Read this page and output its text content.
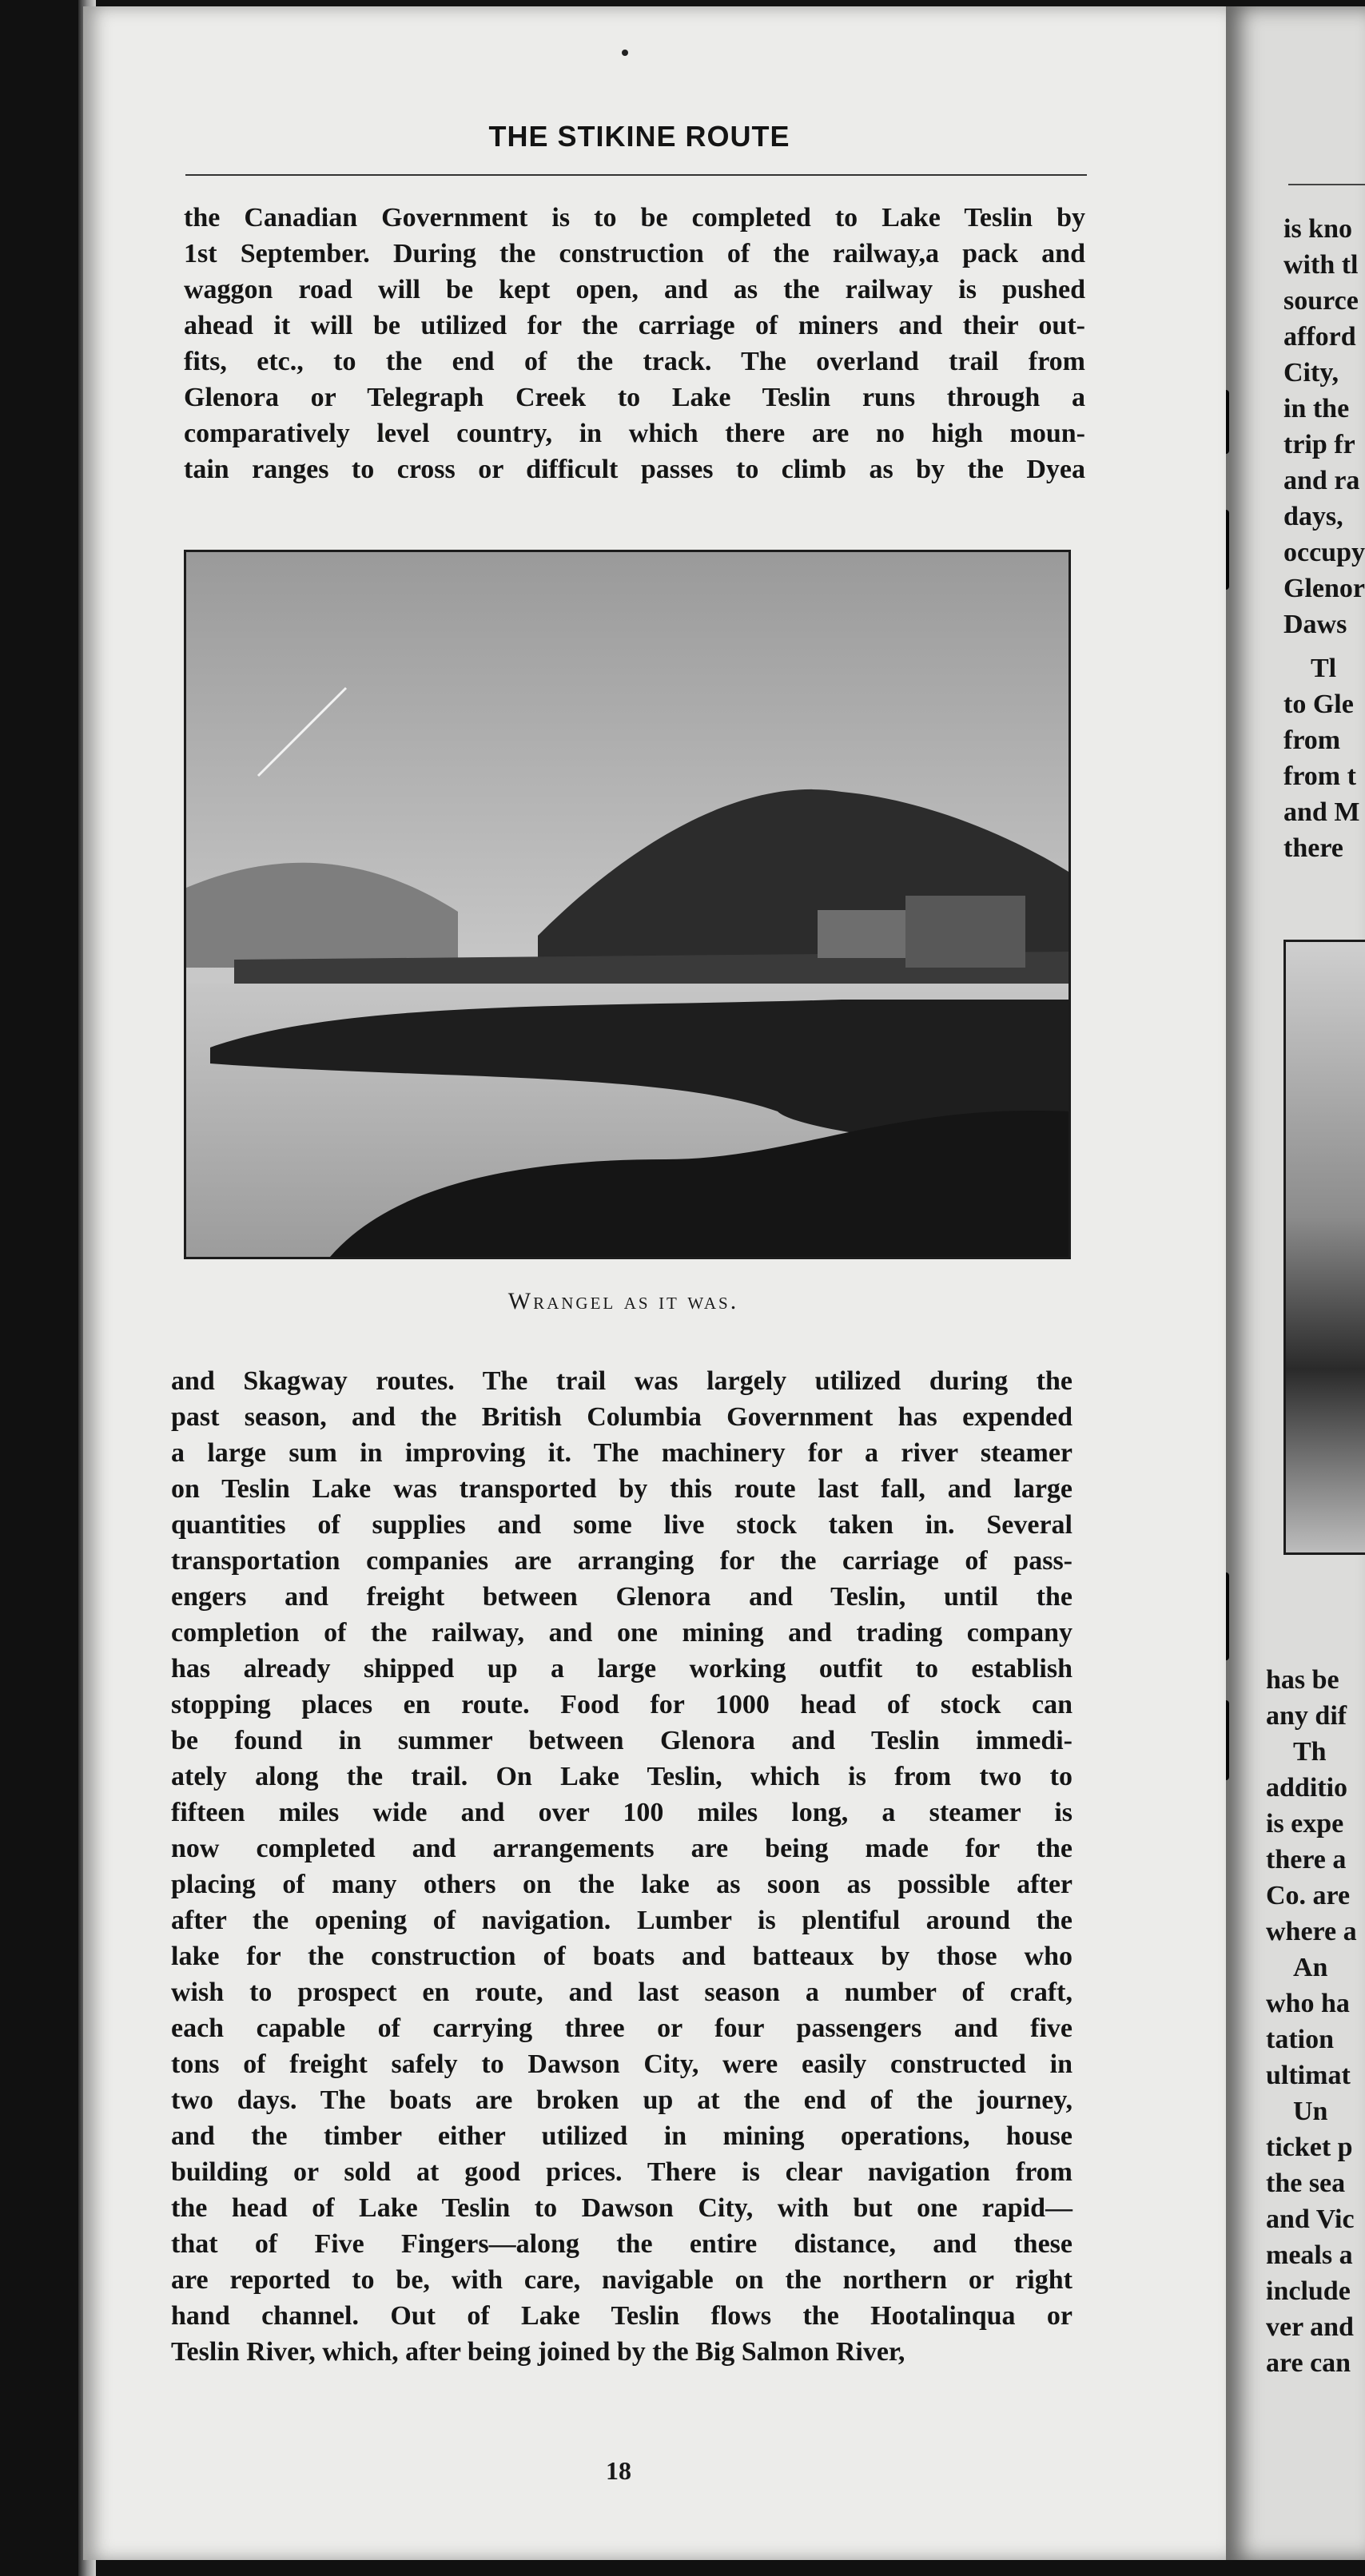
THE STIKINE ROUTE
the Canadian Government is to be completed to Lake Teslin by
1st September. During the construction of the railway,a pack and
waggon road will be kept open, and as the railway is pushed
ahead it will be utilized for the carriage of miners and their out-
fits, etc., to the end of the track. The overland trail from
Glenora or Telegraph Creek to Lake Teslin runs through a
comparatively level country, in which there are no high moun-
tain ranges to cross or difficult passes to climb as by the Dyea
Wrangel as it was.
and Skagway routes. The trail was largely utilized during the
past season, and the British Columbia Government has expended
a large sum in improving it. The machinery for a river steamer
on Teslin Lake was transported by this route last fall, and large
quantities of supplies and some live stock taken in. Several
transportation companies are arranging for the carriage of pass-
engers and freight between Glenora and Teslin, until the
completion of the railway, and one mining and trading company
has already shipped up a large working outfit to establish
stopping places en route. Food for 1000 head of stock can
be found in summer between Glenora and Teslin immedi-
ately along the trail. On Lake Teslin, which is from two to
fifteen miles wide and over 100 miles long, a steamer is
now completed and arrangements are being made for the
placing of many others on the lake as soon as possible after
after the opening of navigation. Lumber is plentiful around the
lake for the construction of boats and batteaux by those who
wish to prospect en route, and last season a number of craft,
each capable of carrying three or four passengers and five
tons of freight safely to Dawson City, were easily constructed in
two days. The boats are broken up at the end of the journey,
and the timber either utilized in mining operations, house
building or sold at good prices. There is clear navigation from
the head of Lake Teslin to Dawson City, with but one rapid—
that of Five Fingers—along the entire distance, and these
are reported to be, with care, navigable on the northern or right
hand channel. Out of Lake Teslin flows the Hootalinqua or
Teslin River, which, after being joined by the Big Salmon River,
18
is kno
with tl
source
afford
City,
in the
trip fr
and ra
days,
occupy
Glenor
Daws
Tl
to Gle
from
from t
and M
there
has be
any dif
Th
additio
is expe
there a
Co. are
where a
An
who ha
tation
ultimat
Un
ticket p
the sea
and Vic
meals a
include
ver and
are can
